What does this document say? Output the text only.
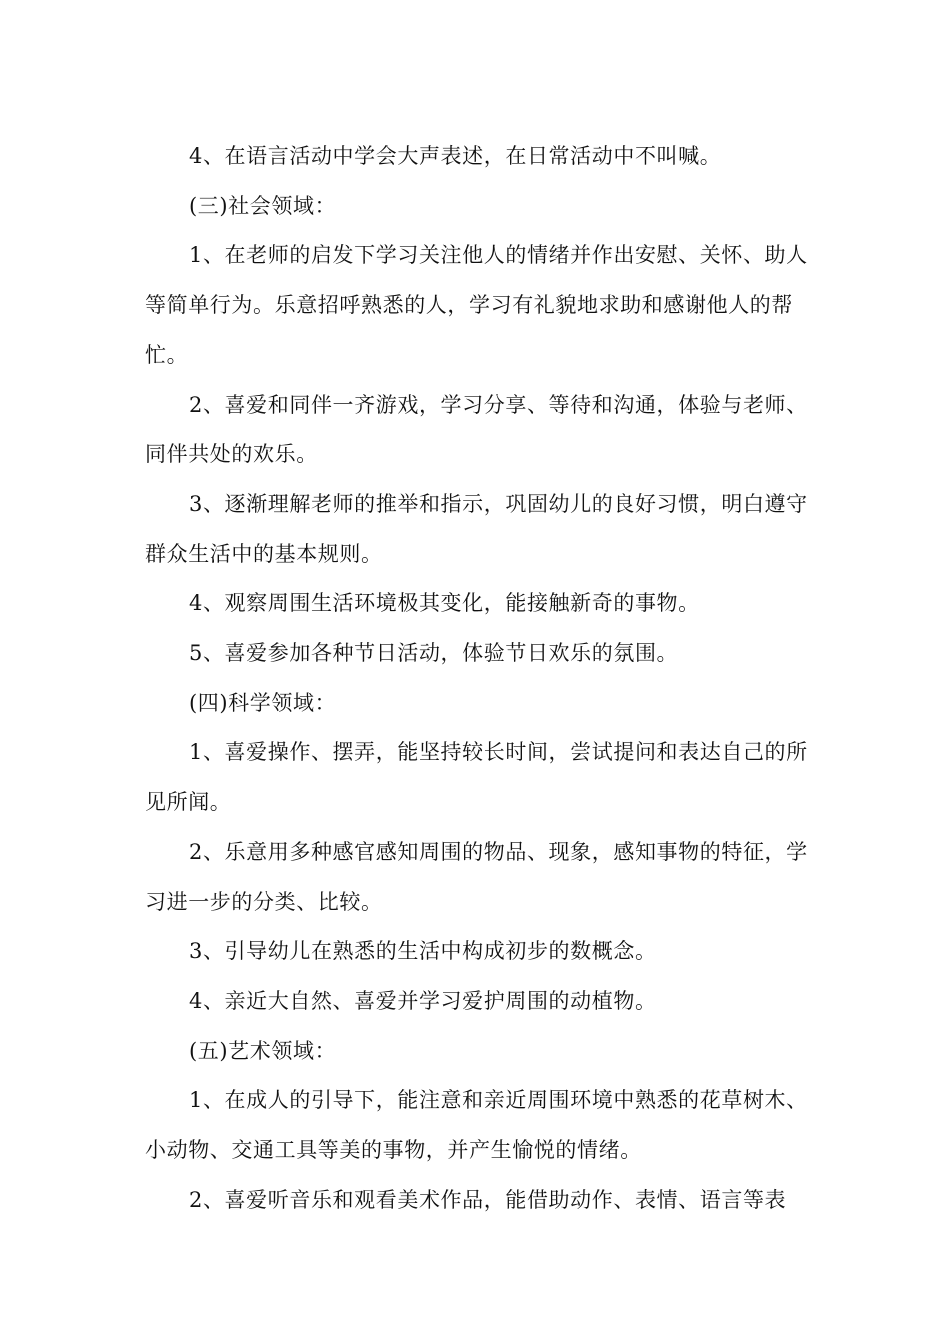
4、在语言活动中学会大声表述，在日常活动中不叫喊。

(三)社会领域：

1、在老师的启发下学习关注他人的情绪并作出安慰、关怀、助人等简单行为。乐意招呼熟悉的人，学习有礼貌地求助和感谢他人的帮忙。

2、喜爱和同伴一齐游戏，学习分享、等待和沟通，体验与老师、同伴共处的欢乐。

3、逐渐理解老师的推举和指示，巩固幼儿的良好习惯，明白遵守群众生活中的基本规则。

4、观察周围生活环境极其变化，能接触新奇的事物。

5、喜爱参加各种节日活动，体验节日欢乐的氛围。

(四)科学领域：

1、喜爱操作、摆弄，能坚持较长时间，尝试提问和表达自己的所见所闻。

2、乐意用多种感官感知周围的物品、现象，感知事物的特征，学习进一步的分类、比较。

3、引导幼儿在熟悉的生活中构成初步的数概念。

4、亲近大自然、喜爱并学习爱护周围的动植物。

(五)艺术领域：

1、在成人的引导下，能注意和亲近周围环境中熟悉的花草树木、小动物、交通工具等美的事物，并产生愉悦的情绪。

2、喜爱听音乐和观看美术作品，能借助动作、表情、语言等表
